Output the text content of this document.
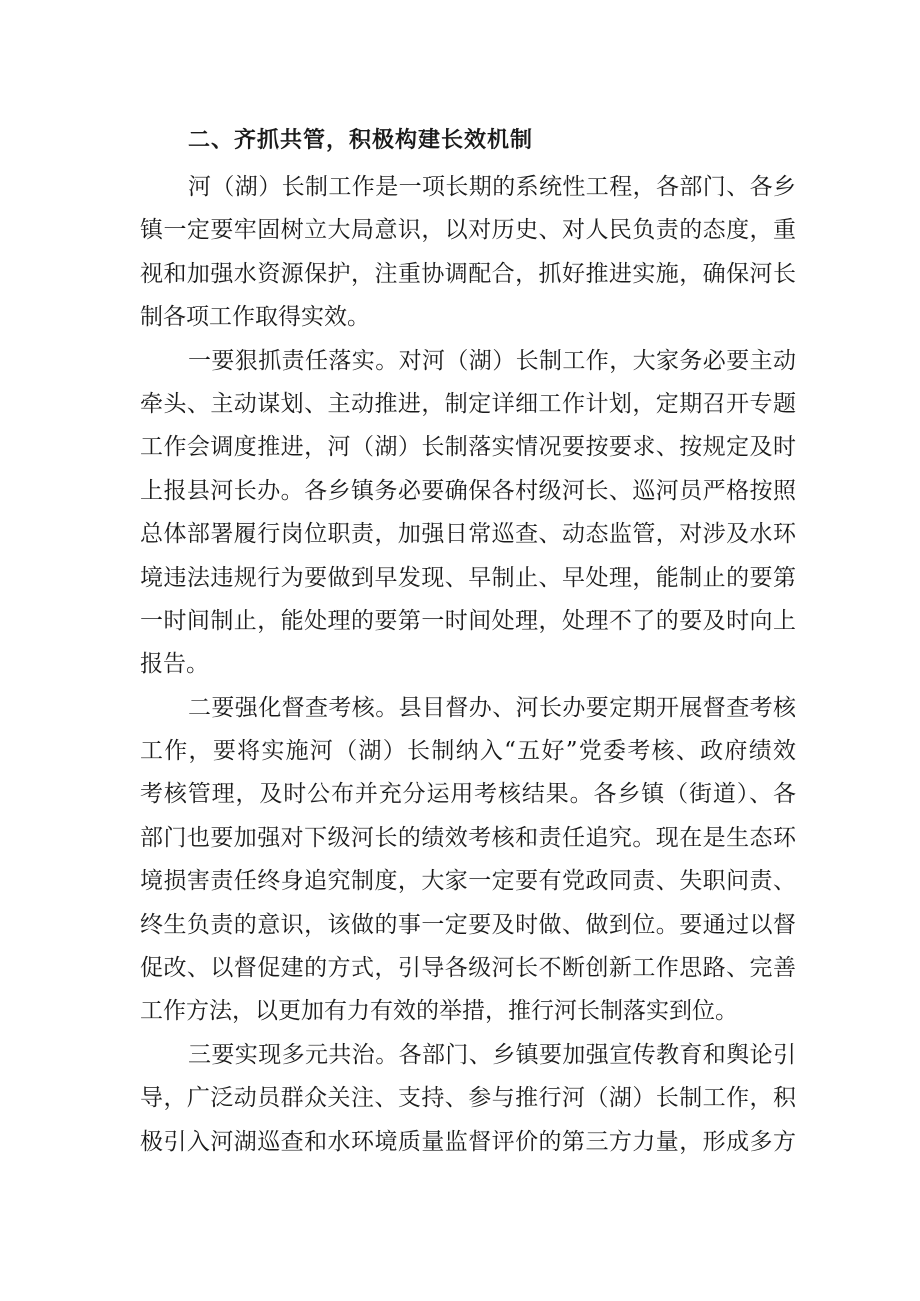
二、齐抓共管，积极构建长效机制

河（湖）长制工作是一项长期的系统性工程，各部门、各乡
镇一定要牢固树立大局意识，以对历史、对人民负责的态度，重
视和加强水资源保护，注重协调配合，抓好推进实施，确保河长
制各项工作取得实效。

一要狠抓责任落实。对河（湖）长制工作，大家务必要主动
牵头、主动谋划、主动推进，制定详细工作计划，定期召开专题
工作会调度推进，河（湖）长制落实情况要按要求、按规定及时
上报县河长办。各乡镇务必要确保各村级河长、巡河员严格按照
总体部署履行岗位职责，加强日常巡查、动态监管，对涉及水环
境违法违规行为要做到早发现、早制止、早处理，能制止的要第
一时间制止，能处理的要第一时间处理，处理不了的要及时向上
报告。

二要强化督查考核。县目督办、河长办要定期开展督查考核
工作，要将实施河（湖）长制纳入“五好”党委考核、政府绩效
考核管理，及时公布并充分运用考核结果。各乡镇（街道）、各
部门也要加强对下级河长的绩效考核和责任追究。现在是生态环
境损害责任终身追究制度，大家一定要有党政同责、失职问责、
终生负责的意识，该做的事一定要及时做、做到位。要通过以督
促改、以督促建的方式，引导各级河长不断创新工作思路、完善
工作方法，以更加有力有效的举措，推行河长制落实到位。

三要实现多元共治。各部门、乡镇要加强宣传教育和舆论引
导，广泛动员群众关注、支持、参与推行河（湖）长制工作，积
极引入河湖巡查和水环境质量监督评价的第三方力量，形成多方
